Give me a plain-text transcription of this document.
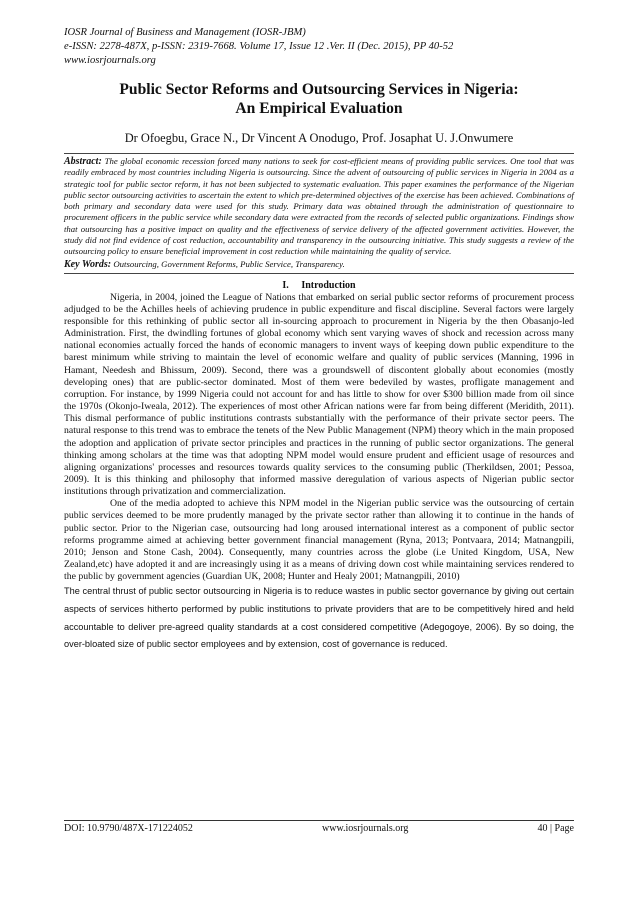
IOSR Journal of Business and Management (IOSR-JBM)
e-ISSN: 2278-487X, p-ISSN: 2319-7668. Volume 17, Issue 12 .Ver. II (Dec. 2015), PP 40-52
www.iosrjournals.org
Public Sector Reforms and Outsourcing Services in Nigeria:
An Empirical Evaluation
Dr Ofoegbu, Grace N., Dr Vincent A Onodugo, Prof. Josaphat U. J.Onwumere
Abstract: The global economic recession forced many nations to seek for cost-efficient means of providing public services. One tool that was readily embraced by most countries including Nigeria is outsourcing. Since the advent of outsourcing of public services in Nigeria in 2004 as a strategic tool for public sector reform, it has not been subjected to systematic evaluation. This paper examines the performance of the Nigerian public sector outsourcing activities to ascertain the extent to which pre-determined objectives of the exercise has been achieved. Combinations of both primary and secondary data were used for this study. Primary data was obtained through the administration of questionnaire to procurement officers in the public service while secondary data were extracted from the records of selected public organizations. Findings show that outsourcing has a positive impact on quality and the effectiveness of service delivery of the affected government activities. However, the study did not find evidence of cost reduction, accountability and transparency in the outsourcing initiative. This study suggests a review of the outsourcing policy to ensure beneficial improvement in cost reduction while maintaining the quality of service.
Key Words: Outsourcing, Government Reforms, Public Service, Transparency.
I. Introduction

Nigeria, in 2004, joined the League of Nations that embarked on serial public sector reforms of procurement process adjudged to be the Achilles heels of achieving prudence in public expenditure and fiscal discipline. Several factors were largely responsible for this rethinking of public sector all in-sourcing approach to procurement in Nigeria by the then Obasanjo-led Administration. First, the dwindling fortunes of global economy which sent varying waves of shock and recession across many national economies actually forced the hands of economic managers to invent ways of keeping down public expenditure to the barest minimum while striving to maintain the level of economic welfare and quality of public services (Manning, 1996 in Hamant, Needesh and Bhissum, 2009). Second, there was a groundswell of discontent globally about economies (mostly developing ones) that are public-sector dominated. Most of them were bedeviled by wastes, profligate management and corruption. For instance, by 1999 Nigeria could not account for and has little to show for over $300 billion made from oil since the 1970s (Okonjo-Iweala, 2012). The experiences of most other African nations were far from being different (Meridith, 2011). This dismal performance of public institutions contrasts substantially with the performance of their private sector peers. The natural response to this trend was to embrace the tenets of the New Public Management (NPM) theory which in the main proposed the adoption and application of private sector principles and practices in the running of public sector organizations. The general thinking among scholars at the time was that adopting NPM model would ensure prudent and efficient usage of resources and aligning organizations' processes and resources towards quality services to the consuming public (Therkildsen, 2001; Pessoa, 2009). It is this thinking and philosophy that informed massive deregulation of various aspects of Nigerian public sector institutions through privatization and commercialization.

One of the media adopted to achieve this NPM model in the Nigerian public service was the outsourcing of certain public services deemed to be more prudently managed by the private sector rather than allowing it to continue in the hands of public sector. Prior to the Nigerian case, outsourcing had long aroused international interest as a component of public sector reforms programme aimed at achieving better government financial management (Ryna, 2013; Pontvaara, 2014; Matnangpili, 2010; Jenson and Stone Cash, 2004). Consequently, many countries across the globe (i.e United Kingdom, USA, New Zealand,etc) have adopted it and are increasingly using it as a means of driving down cost while maintaining services rendered to the public by government agencies (Guardian UK, 2008; Hunter and Healy 2001; Matnangpili, 2010)

The central thrust of public sector outsourcing in Nigeria is to reduce wastes in public sector governance by giving out certain aspects of services hitherto performed by public institutions to private providers that are to be competitively hired and held accountable to deliver pre-agreed quality standards at a cost considered competitive (Adegogoye, 2006). By so doing, the over-bloated size of public sector employees and by extension, cost of governance is reduced.

DOI: 10.9790/487X-171224052	www.iosrjournals.org	40 | Page
